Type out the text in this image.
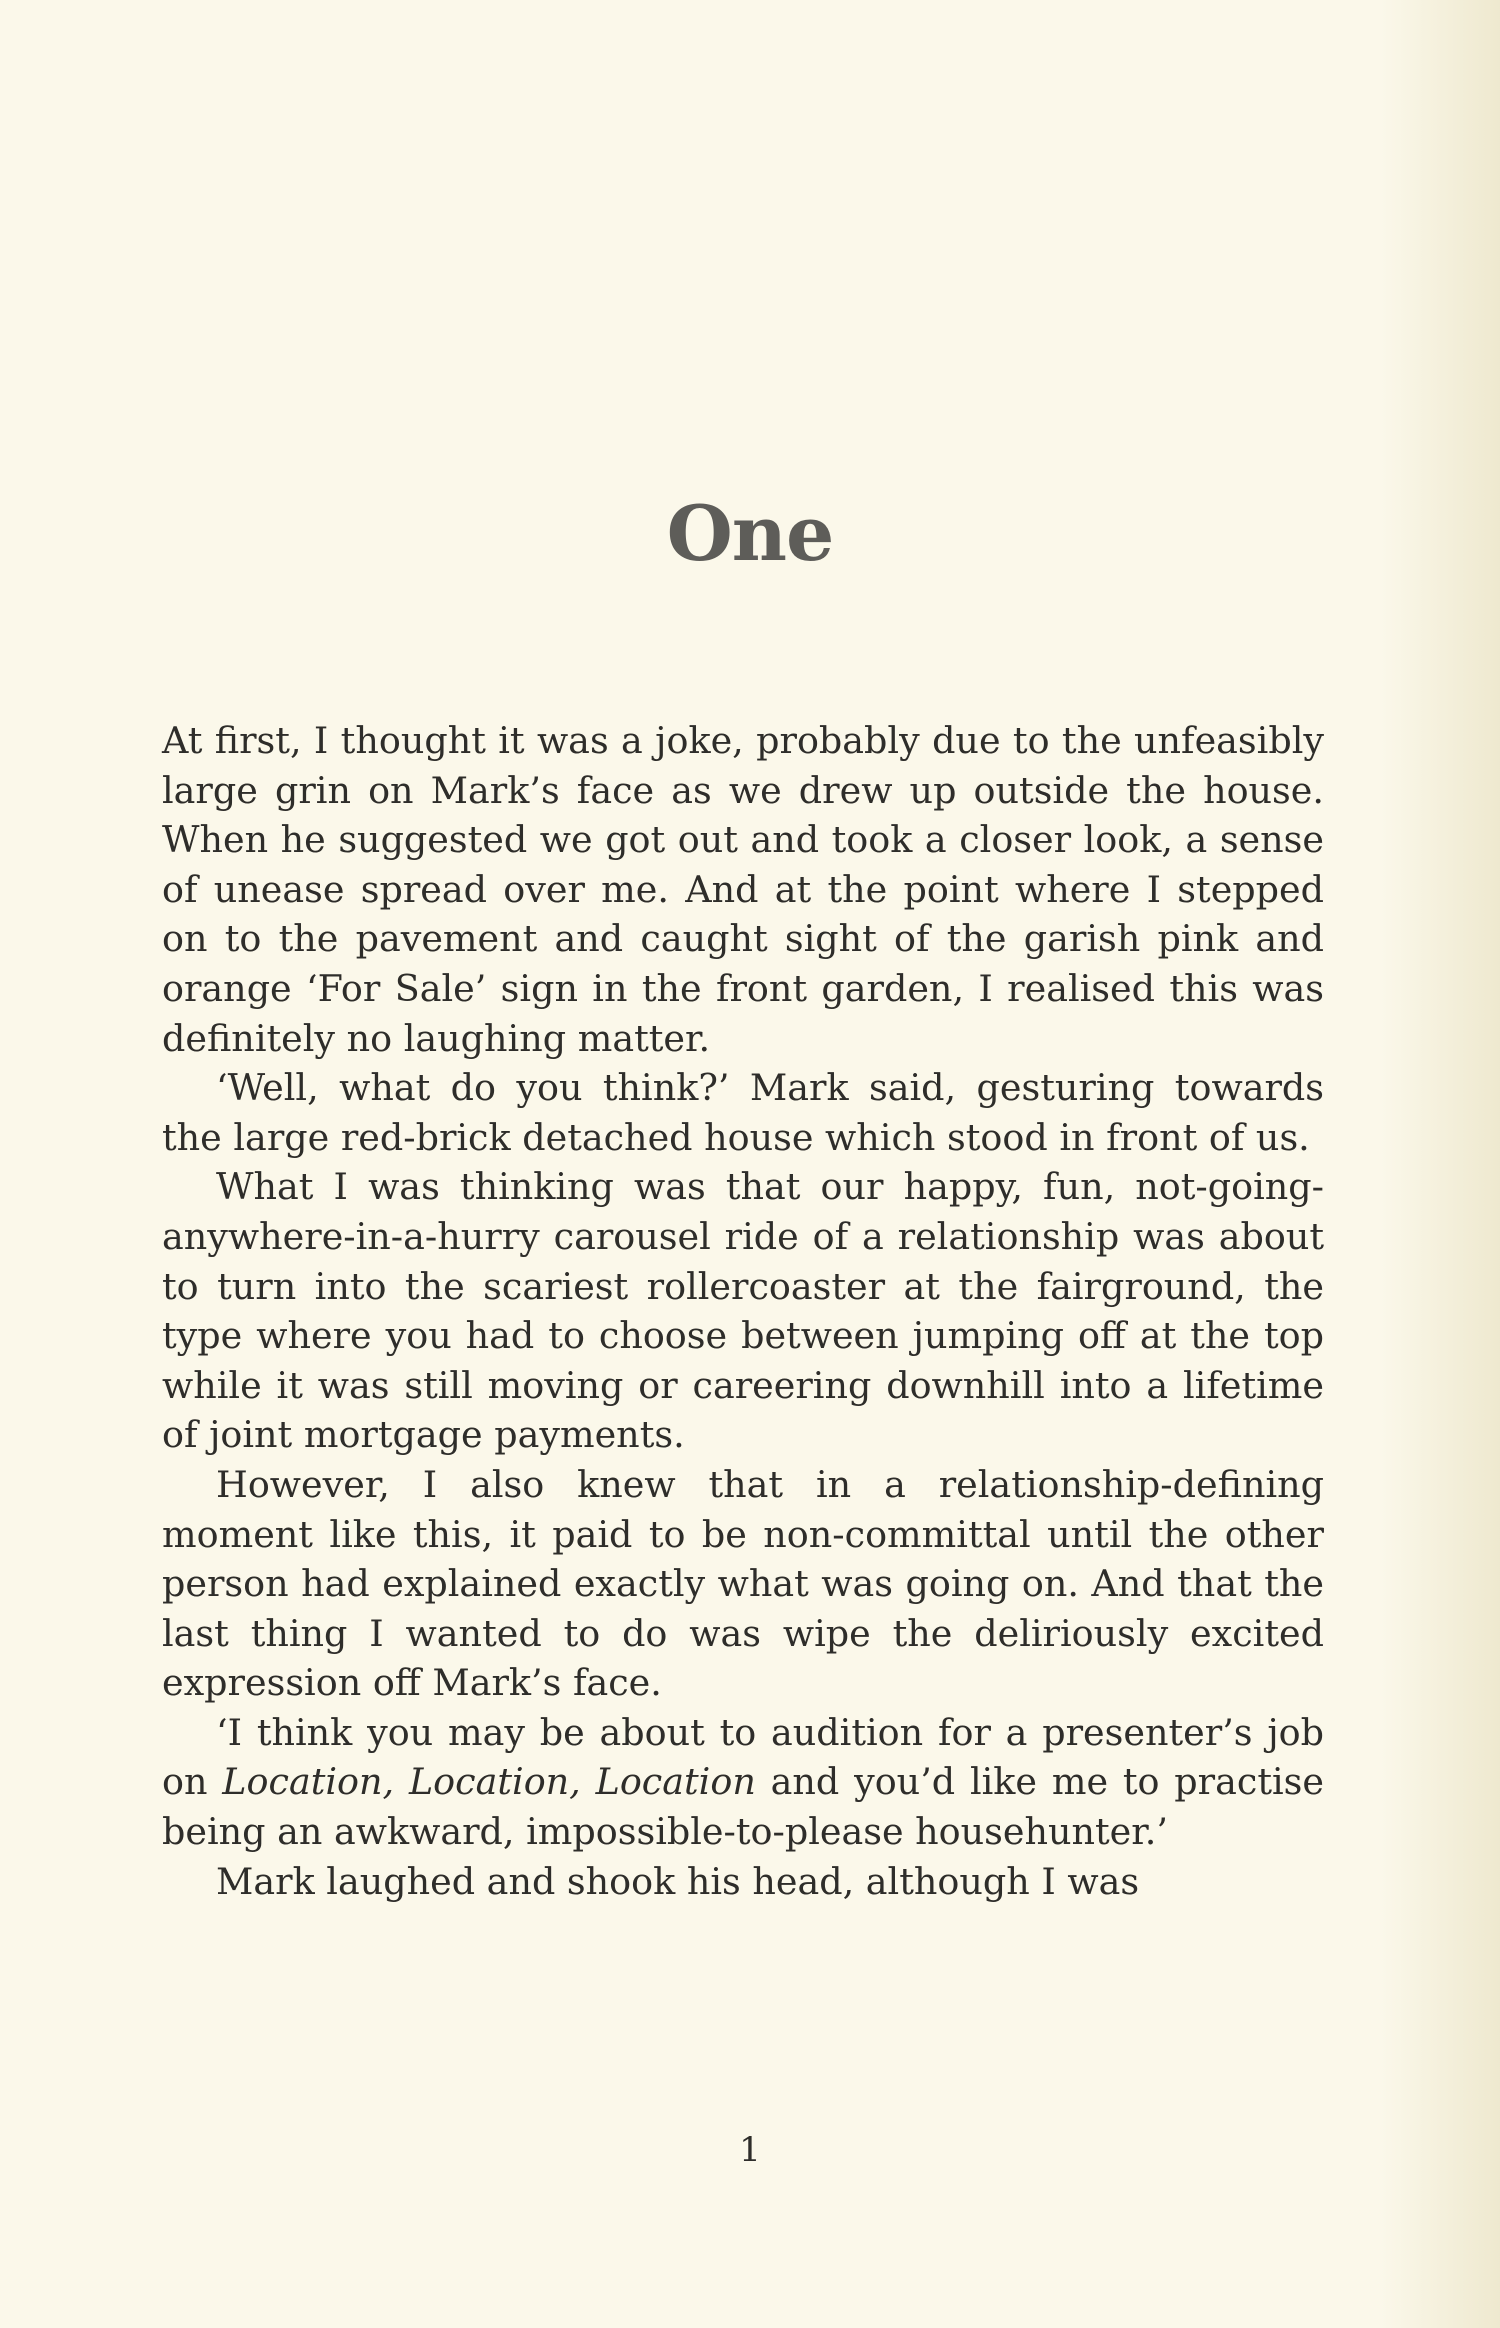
One

At first, I thought it was a joke, probably due to the unfeasibly large grin on Mark’s face as we drew up outside the house. When he suggested we got out and took a closer look, a sense of unease spread over me. And at the point where I stepped on to the pavement and caught sight of the garish pink and orange ‘For Sale’ sign in the front garden, I realised this was definitely no laughing matter.

‘Well, what do you think?’ Mark said, gesturing towards the large red-brick detached house which stood in front of us.

What I was thinking was that our happy, fun, not-going-anywhere-in-a-hurry carousel ride of a relationship was about to turn into the scariest rollercoaster at the fairground, the type where you had to choose between jumping off at the top while it was still moving or careering downhill into a lifetime of joint mortgage payments.

However, I also knew that in a relationship-defining moment like this, it paid to be non-committal until the other person had explained exactly what was going on. And that the last thing I wanted to do was wipe the deliriously excited expression off Mark’s face.

‘I think you may be about to audition for a presenter’s job on Location, Location, Location and you’d like me to practise being an awkward, impossible-to-please househunter.’

Mark laughed and shook his head, although I was

1
